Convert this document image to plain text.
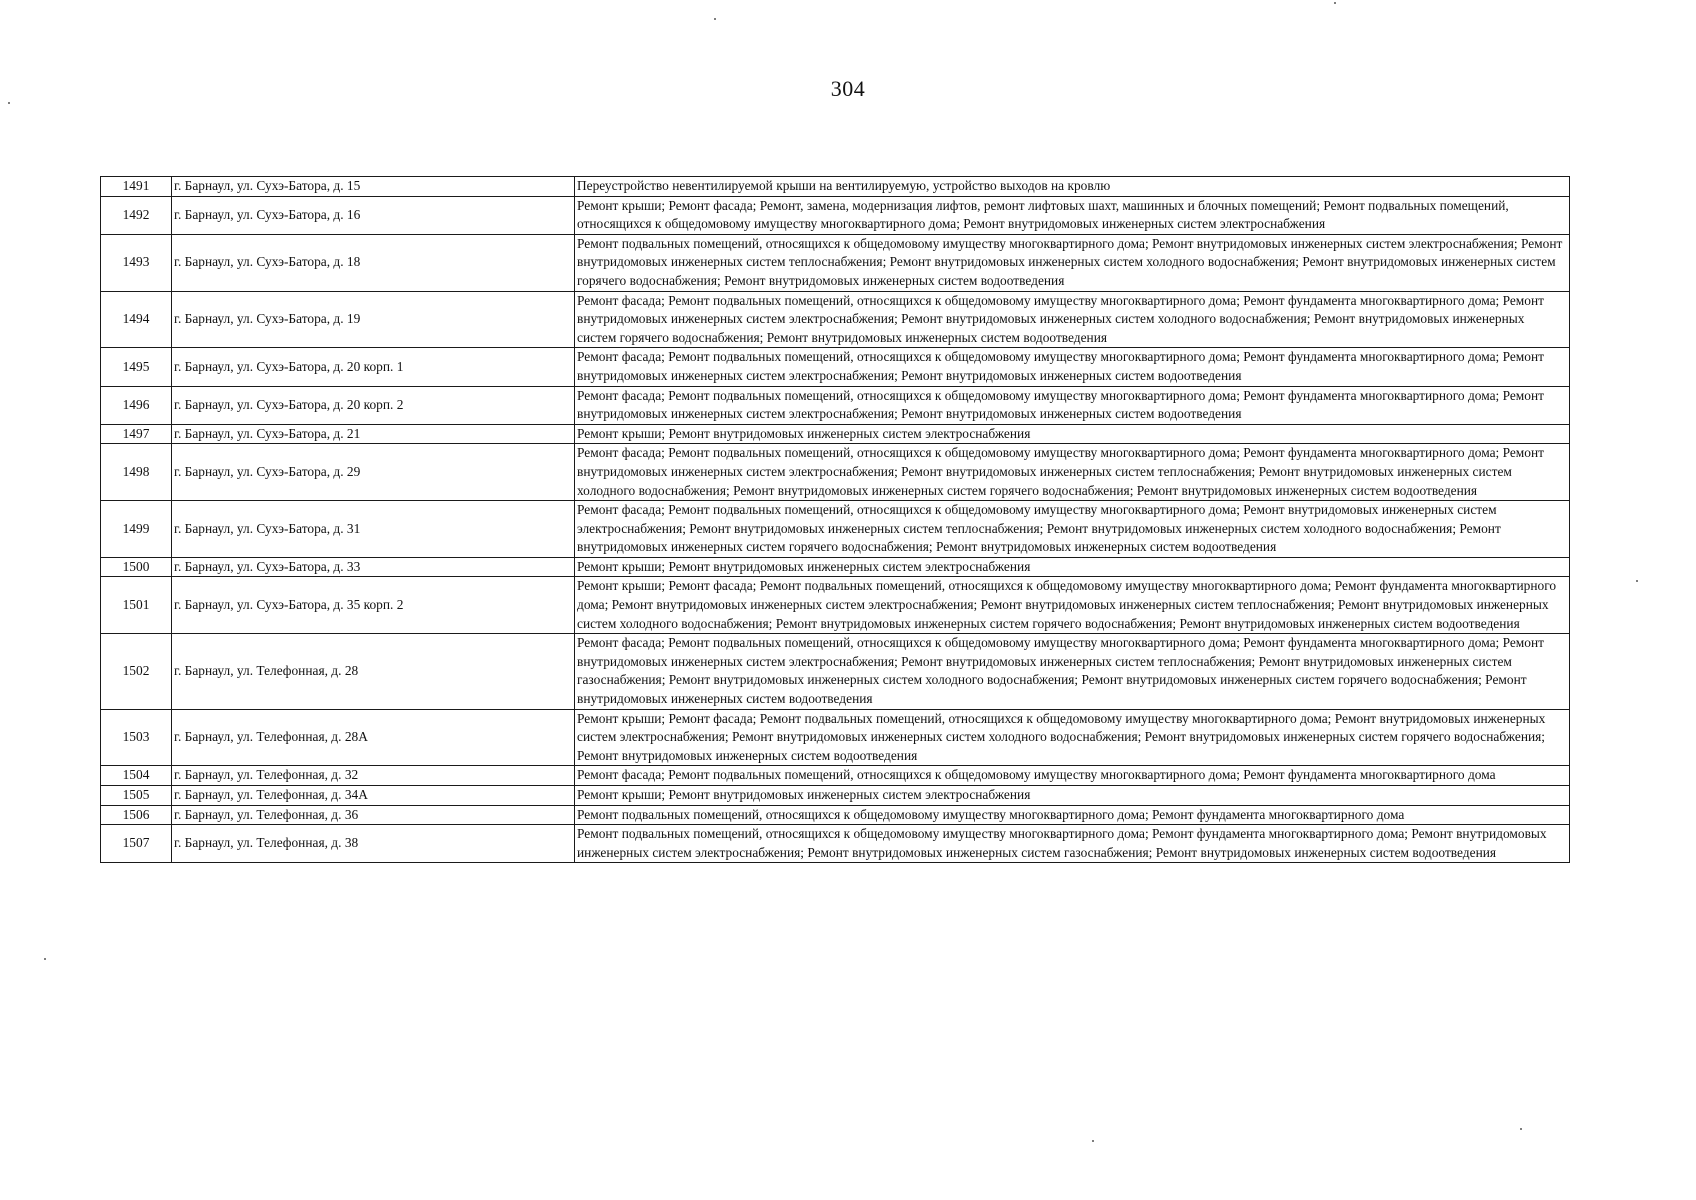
304
1491	г. Барнаул, ул. Сухэ-Батора, д. 15	Переустройство невентилируемой крыши на вентилируемую, устройство выходов на кровлю
1492	г. Барнаул, ул. Сухэ-Батора, д. 16	Ремонт крыши; Ремонт фасада; Ремонт, замена, модернизация лифтов, ремонт лифтовых шахт, машинных и блочных помещений; Ремонт подвальных помещений, относящихся к общедомовому имуществу многоквартирного дома; Ремонт внутридомовых инженерных систем электроснабжения
1493	г. Барнаул, ул. Сухэ-Батора, д. 18	Ремонт подвальных помещений, относящихся к общедомовому имуществу многоквартирного дома; Ремонт внутридомовых инженерных систем электроснабжения; Ремонт внутридомовых инженерных систем теплоснабжения; Ремонт внутридомовых инженерных систем холодного водоснабжения; Ремонт внутридомовых инженерных систем горячего водоснабжения; Ремонт внутридомовых инженерных систем водоотведения
1494	г. Барнаул, ул. Сухэ-Батора, д. 19	Ремонт фасада; Ремонт подвальных помещений, относящихся к общедомовому имуществу многоквартирного дома; Ремонт фундамента многоквартирного дома; Ремонт внутридомовых инженерных систем электроснабжения; Ремонт внутридомовых инженерных систем холодного водоснабжения; Ремонт внутридомовых инженерных систем горячего водоснабжения; Ремонт внутридомовых инженерных систем водоотведения
1495	г. Барнаул, ул. Сухэ-Батора, д. 20 корп. 1	Ремонт фасада; Ремонт подвальных помещений, относящихся к общедомовому имуществу многоквартирного дома; Ремонт фундамента многоквартирного дома; Ремонт внутридомовых инженерных систем электроснабжения; Ремонт внутридомовых инженерных систем водоотведения
1496	г. Барнаул, ул. Сухэ-Батора, д. 20 корп. 2	Ремонт фасада; Ремонт подвальных помещений, относящихся к общедомовому имуществу многоквартирного дома; Ремонт фундамента многоквартирного дома; Ремонт внутридомовых инженерных систем электроснабжения; Ремонт внутридомовых инженерных систем водоотведения
1497	г. Барнаул, ул. Сухэ-Батора, д. 21	Ремонт крыши; Ремонт внутридомовых инженерных систем электроснабжения
1498	г. Барнаул, ул. Сухэ-Батора, д. 29	Ремонт фасада; Ремонт подвальных помещений, относящихся к общедомовому имуществу многоквартирного дома; Ремонт фундамента многоквартирного дома; Ремонт внутридомовых инженерных систем электроснабжения; Ремонт внутридомовых инженерных систем теплоснабжения; Ремонт внутридомовых инженерных систем холодного водоснабжения; Ремонт внутридомовых инженерных систем горячего водоснабжения; Ремонт внутридомовых инженерных систем водоотведения
1499	г. Барнаул, ул. Сухэ-Батора, д. 31	Ремонт фасада; Ремонт подвальных помещений, относящихся к общедомовому имуществу многоквартирного дома; Ремонт внутридомовых инженерных систем электроснабжения; Ремонт внутридомовых инженерных систем теплоснабжения; Ремонт внутридомовых инженерных систем холодного водоснабжения; Ремонт внутридомовых инженерных систем горячего водоснабжения; Ремонт внутридомовых инженерных систем водоотведения
1500	г. Барнаул, ул. Сухэ-Батора, д. 33	Ремонт крыши; Ремонт внутридомовых инженерных систем электроснабжения
1501	г. Барнаул, ул. Сухэ-Батора, д. 35 корп. 2	Ремонт крыши; Ремонт фасада; Ремонт подвальных помещений, относящихся к общедомовому имуществу многоквартирного дома; Ремонт фундамента многоквартирного дома; Ремонт внутридомовых инженерных систем электроснабжения; Ремонт внутридомовых инженерных систем теплоснабжения; Ремонт внутридомовых инженерных систем холодного водоснабжения; Ремонт внутридомовых инженерных систем горячего водоснабжения; Ремонт внутридомовых инженерных систем водоотведения
1502	г. Барнаул, ул. Телефонная, д. 28	Ремонт фасада; Ремонт подвальных помещений, относящихся к общедомовому имуществу многоквартирного дома; Ремонт фундамента многоквартирного дома; Ремонт внутридомовых инженерных систем электроснабжения; Ремонт внутридомовых инженерных систем теплоснабжения; Ремонт внутридомовых инженерных систем газоснабжения; Ремонт внутридомовых инженерных систем холодного водоснабжения; Ремонт внутридомовых инженерных систем горячего водоснабжения; Ремонт внутридомовых инженерных систем водоотведения
1503	г. Барнаул, ул. Телефонная, д. 28А	Ремонт крыши; Ремонт фасада; Ремонт подвальных помещений, относящихся к общедомовому имуществу многоквартирного дома; Ремонт внутридомовых инженерных систем электроснабжения; Ремонт внутридомовых инженерных систем холодного водоснабжения; Ремонт внутридомовых инженерных систем горячего водоснабжения; Ремонт внутридомовых инженерных систем водоотведения
1504	г. Барнаул, ул. Телефонная, д. 32	Ремонт фасада; Ремонт подвальных помещений, относящихся к общедомовому имуществу многоквартирного дома; Ремонт фундамента многоквартирного дома
1505	г. Барнаул, ул. Телефонная, д. 34А	Ремонт крыши; Ремонт внутридомовых инженерных систем электроснабжения
1506	г. Барнаул, ул. Телефонная, д. 36	Ремонт подвальных помещений, относящихся к общедомовому имуществу многоквартирного дома; Ремонт фундамента многоквартирного дома
1507	г. Барнаул, ул. Телефонная, д. 38	Ремонт подвальных помещений, относящихся к общедомовому имуществу многоквартирного дома; Ремонт фундамента многоквартирного дома; Ремонт внутридомовых инженерных систем электроснабжения; Ремонт внутридомовых инженерных систем газоснабжения; Ремонт внутридомовых инженерных систем водоотведения
